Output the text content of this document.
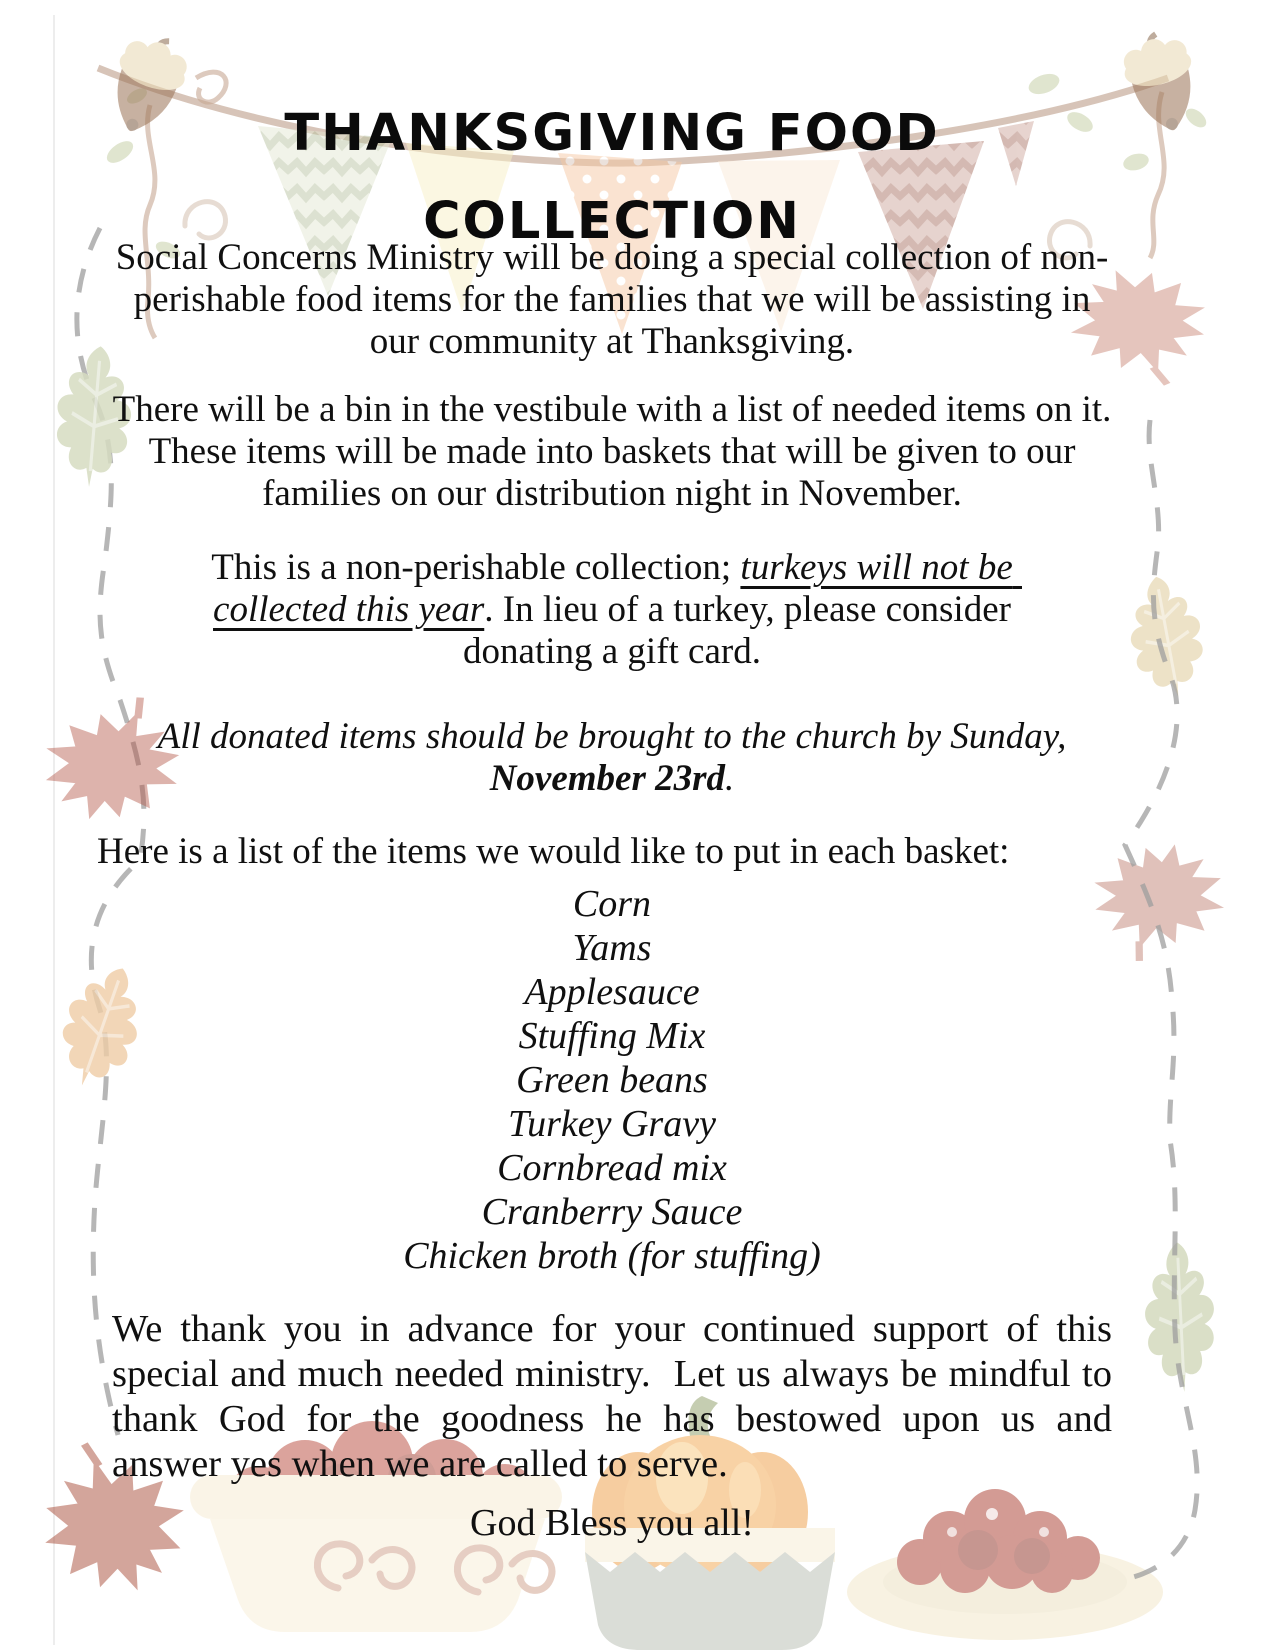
THANKSGIVING FOOD
COLLECTION

Social Concerns Ministry will be doing a special collection of non-perishable food items for the families that we will be assisting in our community at Thanksgiving.

There will be a bin in the vestibule with a list of needed items on it.  These items will be made into baskets that will be given to our families on our distribution night in November.

This is a non-perishable collection; turkeys will not be collected this year. In lieu of a turkey, please consider donating a gift card.

All donated items should be brought to the church by Sunday, November 23rd.

Here is a list of the items we would like to put in each basket:

Corn
Yams
Applesauce
Stuffing Mix
Green beans
Turkey Gravy
Cornbread mix
Cranberry Sauce
Chicken broth (for stuffing)

We thank you in advance for your continued support of this special and much needed ministry.  Let us always be mindful to thank God for the goodness he has bestowed upon us and answer yes when we are called to serve.

God Bless you all!
